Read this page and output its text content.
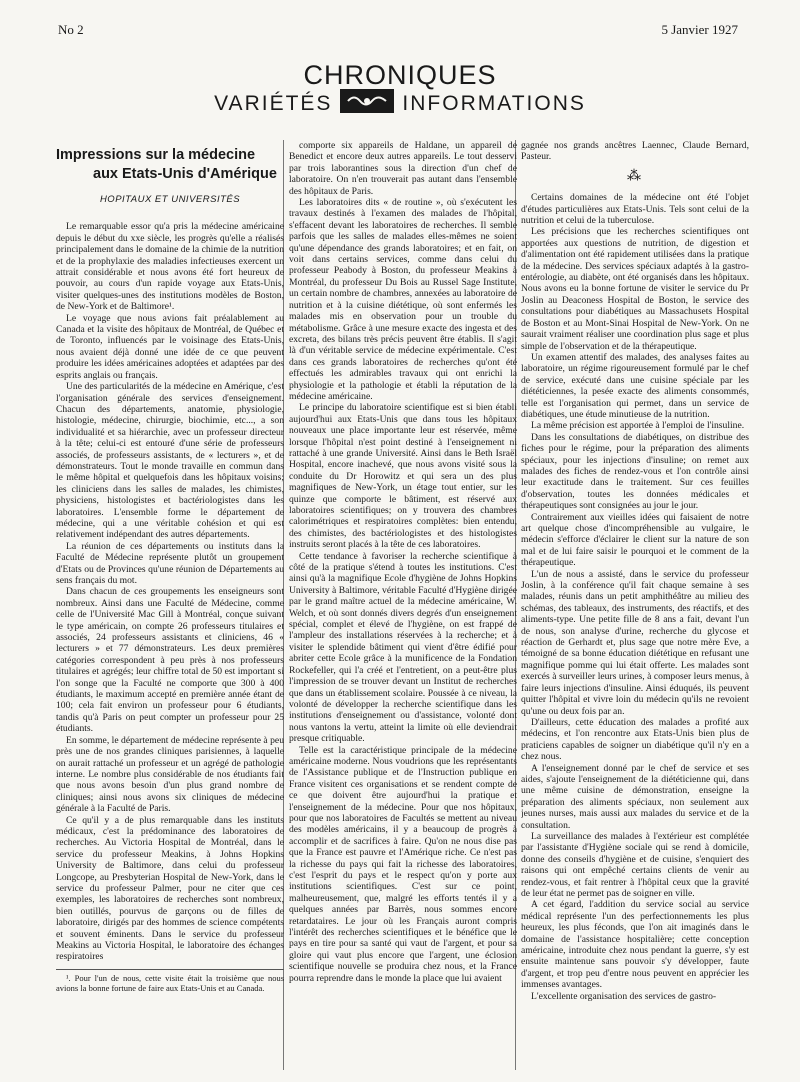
No 2	5 Janvier 1927
CHRONIQUES
VARIÉTÉS	INFORMATIONS
Impressions sur la médecine
aux Etats-Unis d'Amérique
HOPITAUX ET UNIVERSITÉS

Le remarquable essor qu'a pris la médecine américaine depuis le début du xxe siècle, les progrès qu'elle a réalisés principalement dans le domaine de la chimie de la nutrition et de la prophylaxie des maladies infectieuses exercent un attrait considérable et nous avons été fort heureux de pouvoir, au cours d'un rapide voyage aux Etats-Unis, visiter quelques-unes des institutions modèles de Boston, de New-York et de Baltimore¹.

Le voyage que nous avions fait préalablement au Canada et la visite des hôpitaux de Montréal, de Québec et de Toronto, influencés par le voisinage des Etats-Unis, nous avaient déjà donné une idée de ce que peuvent produire les idées américaines adoptées et adaptées par des esprits anglais ou français.

Une des particularités de la médecine en Amérique, c'est l'organisation générale des services d'enseignement. Chacun des départements, anatomie, physiologie, histologie, médecine, chirurgie, biochimie, etc..., a son individualité et sa hiérarchie, avec un professeur directeur à la tête; celui-ci est entouré d'une série de professeurs associés, de professeurs assistants, de « lecturers », et de démonstrateurs. Tout le monde travaille en commun dans le même hôpital et quelquefois dans les hôpitaux voisins; les cliniciens dans les salles de malades, les chimistes, physiciens, histologistes et bactériologistes dans les laboratoires. L'ensemble forme le département de médecine, qui a une véritable cohésion et qui est relativement indépendant des autres départements.

La réunion de ces départements ou instituts dans la Faculté de Médecine représente plutôt un groupement d'Etats ou de Provinces qu'une réunion de Départements au sens français du mot.

Dans chacun de ces groupements les enseigneurs sont nombreux. Ainsi dans une Faculté de Médecine, comme celle de l'Université Mac Gill à Montréal, conçue suivant le type américain, on compte 26 professeurs titulaires et associés, 24 professeurs assistants et cliniciens, 46 « lecturers » et 77 démonstrateurs. Les deux premières catégories correspondent à peu près à nos professeurs titulaires et agrégés; leur chiffre total de 50 est important si l'on songe que la Faculté ne comporte que 300 à 400 étudiants, le maximum accepté en première année étant de 100; cela fait environ un professeur pour 6 étudiants, tandis qu'à Paris on peut compter un professeur pour 25 étudiants.

En somme, le département de médecine représente à peu près une de nos grandes cliniques parisiennes, à laquelle on aurait rattaché un professeur et un agrégé de pathologie interne. Le nombre plus considérable de nos étudiants fait que nous avons besoin d'un plus grand nombre de cliniques; ainsi nous avons six cliniques de médecine générale à la Faculté de Paris.

Ce qu'il y a de plus remarquable dans les instituts médicaux, c'est la prédominance des laboratoires de recherches. Au Victoria Hospital de Montréal, dans le service du professeur Meakins, à Johns Hopkins University de Baltimore, dans celui du professeur Longcope, au Presbyterian Hospital de New-York, dans le service du professeur Palmer, pour ne citer que ces exemples, les laboratoires de recherches sont nombreux, bien outillés, pourvus de garçons ou de filles de laboratoire, dirigés par des hommes de science compétents et souvent éminents. Dans le service du professeur Meakins au Victoria Hospital, le laboratoire des échanges respiratoires

¹. Pour l'un de nous, cette visite était la troisième que nous avions la bonne fortune de faire aux Etats-Unis et au Canada.

comporte six appareils de Haldane, un appareil de Benedict et encore deux autres appareils. Le tout desservi par trois laborantines sous la direction d'un chef de laboratoire. On n'en trouverait pas autant dans l'ensemble des hôpitaux de Paris.

Les laboratoires dits « de routine », où s'exécutent les travaux destinés à l'examen des malades de l'hôpital, s'effacent devant les laboratoires de recherches. Il semble parfois que les salles de malades elles-mêmes ne soient qu'une dépendance des grands laboratoires; et en fait, on voit dans certains services, comme dans celui du professeur Peabody à Boston, du professeur Meakins à Montréal, du professeur Du Bois au Russel Sage Institute, un certain nombre de chambres, annexées au laboratoire de nutrition et à la cuisine diététique, où sont enfermés les malades mis en observation pour un trouble du métabolisme. Grâce à une mesure exacte des ingesta et des excreta, des bilans très précis peuvent être établis. Il s'agit là d'un véritable service de médecine expérimentale. C'est dans ces grands laboratoires de recherches qu'ont été effectués les admirables travaux qui ont enrichi la physiologie et la pathologie et établi la réputation de la médecine américaine.

Le principe du laboratoire scientifique est si bien établi aujourd'hui aux Etats-Unis que dans tous les hôpitaux nouveaux une place importante leur est réservée, même lorsque l'hôpital n'est point destiné à l'enseignement ni rattaché à une grande Université. Ainsi dans le Beth Israël Hospital, encore inachevé, que nous avons visité sous la conduite du Dr Horowitz et qui sera un des plus magnifiques de New-York, un étage tout entier, sur les quinze que comporte le bâtiment, est réservé aux laboratoires scientifiques; on y trouvera des chambres calorimétriques et respiratoires complètes: bien entendu, des chimistes, des bactériologistes et des histologistes instruits seront placés à la tête de ces laboratoires.

Cette tendance à favoriser la recherche scientifique à côté de la pratique s'étend à toutes les institutions. C'est ainsi qu'à la magnifique Ecole d'hygiène de Johns Hopkins University à Baltimore, véritable Faculté d'Hygiène dirigée par le grand maître actuel de la médecine américaine, W. Welch, et où sont donnés divers degrés d'un enseignement spécial, complet et élevé de l'hygiène, on est frappé de l'ampleur des installations réservées à la recherche; et à visiter le splendide bâtiment qui vient d'être édifié pour abriter cette Ecole grâce à la munificence de la Fondation Rockefeller, qui l'a créé et l'entretient, on a peut-être plus l'impression de se trouver devant un Institut de recherches que dans un établissement scolaire. Poussée à ce niveau, la volonté de développer la recherche scientifique dans les institutions d'enseignement ou d'assistance, volonté dont nous vantons la vertu, atteint la limite où elle deviendrait presque critiquable.

Telle est la caractéristique principale de la médecine américaine moderne. Nous voudrions que les représentants de l'Assistance publique et de l'Instruction publique en France visitent ces organisations et se rendent compte de ce que doivent être aujourd'hui la pratique et l'enseignement de la médecine. Pour que nos hôpitaux, pour que nos laboratoires de Facultés se mettent au niveau des modèles américains, il y a beaucoup de progrès à accomplir et de sacrifices à faire. Qu'on ne nous dise pas que la France est pauvre et l'Amérique riche. Ce n'est pas la richesse du pays qui fait la richesse des laboratoires, c'est l'esprit du pays et le respect qu'on y porte aux institutions scientifiques. C'est sur ce point, malheureusement, que, malgré les efforts tentés il y a quelques années par Barrès, nous sommes encore retardataires. Le jour où les Français auront compris l'intérêt des recherches scientifiques et le bénéfice que le pays en tire pour sa santé qui vaut de l'argent, et pour sa gloire qui vaut plus encore que l'argent, une éclosion scientifique nouvelle se produira chez nous, et la France pourra reprendre dans le monde la place que lui avaient

gagnée nos grands ancêtres Laennec, Claude Bernard, Pasteur.

⁂

Certains domaines de la médecine ont été l'objet d'études particulières aux Etats-Unis. Tels sont celui de la nutrition et celui de la tuberculose.

Les précisions que les recherches scientifiques ont apportées aux questions de nutrition, de digestion et d'alimentation ont été rapidement utilisées dans la pratique de la médecine. Des services spéciaux adaptés à la gastro-entérologie, au diabète, ont été organisés dans les hôpitaux. Nous avons eu la bonne fortune de visiter le service du Pr Joslin au Deaconess Hospital de Boston, le service des consultations pour diabétiques au Massachusets Hospital de Boston et au Mont-Sinai Hospital de New-York. On ne saurait vraiment réaliser une coordination plus sage et plus simple de l'observation et de la thérapeutique.

Un examen attentif des malades, des analyses faites au laboratoire, un régime rigoureusement formulé par le chef de service, exécuté dans une cuisine spéciale par les diététiciennes, la pesée exacte des aliments consommés, telle est l'organisation qui permet, dans un service de diabétiques, une étude minutieuse de la nutrition.

La même précision est apportée à l'emploi de l'insuline.

Dans les consultations de diabétiques, on distribue des fiches pour le régime, pour la préparation des aliments spéciaux, pour les injections d'insuline; on remet aux malades des fiches de rendez-vous et l'on contrôle ainsi leur exactitude dans le traitement. Sur ces feuilles d'observation, toutes les données médicales et thérapeutiques sont consignées au jour le jour.

Contrairement aux vieilles idées qui faisaient de notre art quelque chose d'incompréhensible au vulgaire, le médecin s'efforce d'éclairer le client sur la nature de son mal et de lui faire saisir le pourquoi et le comment de la thérapeutique.

L'un de nous a assisté, dans le service du professeur Joslin, à la conférence qu'il fait chaque semaine à ses malades, réunis dans un petit amphithéâtre au milieu des schémas, des tableaux, des instruments, des réactifs, et des aliments-type. Une petite fille de 8 ans a fait, devant l'un de nous, son analyse d'urine, recherche du glycose et réaction de Gerhardt et, plus sage que notre mère Eve, a témoigné de sa bonne éducation diététique en refusant une magnifique pomme qui lui était offerte. Les malades sont exercés à surveiller leurs urines, à composer leurs menus, à faire leurs injections d'insuline. Ainsi éduqués, ils peuvent quitter l'hôpital et vivre loin du médecin qu'ils ne revoient qu'une ou deux fois par an.

D'ailleurs, cette éducation des malades a profité aux médecins, et l'on rencontre aux Etats-Unis bien plus de praticiens capables de soigner un diabétique qu'il n'y en a chez nous.

A l'enseignement donné par le chef de service et ses aides, s'ajoute l'enseignement de la diététicienne qui, dans une même cuisine de démonstration, enseigne la préparation des aliments spéciaux, non seulement aux jeunes nurses, mais aussi aux malades du service et de la consultation.

La surveillance des malades à l'extérieur est complétée par l'assistante d'Hygiène sociale qui se rend à domicile, donne des conseils d'hygiène et de cuisine, s'enquiert des raisons qui ont empêché certains clients de venir au rendez-vous, et fait rentrer à l'hôpital ceux que la gravité de leur état ne permet pas de soigner en ville.

A cet égard, l'addition du service social au service médical représente l'un des perfectionnements les plus heureux, les plus féconds, que l'on ait imaginés dans le domaine de l'assistance hospitalière; cette conception américaine, introduite chez nous pendant la guerre, s'y est ensuite maintenue sans pouvoir s'y développer, faute d'argent, et trop peu d'entre nous peuvent en apprécier les immenses avantages.

L'excellente organisation des services de gastro-
